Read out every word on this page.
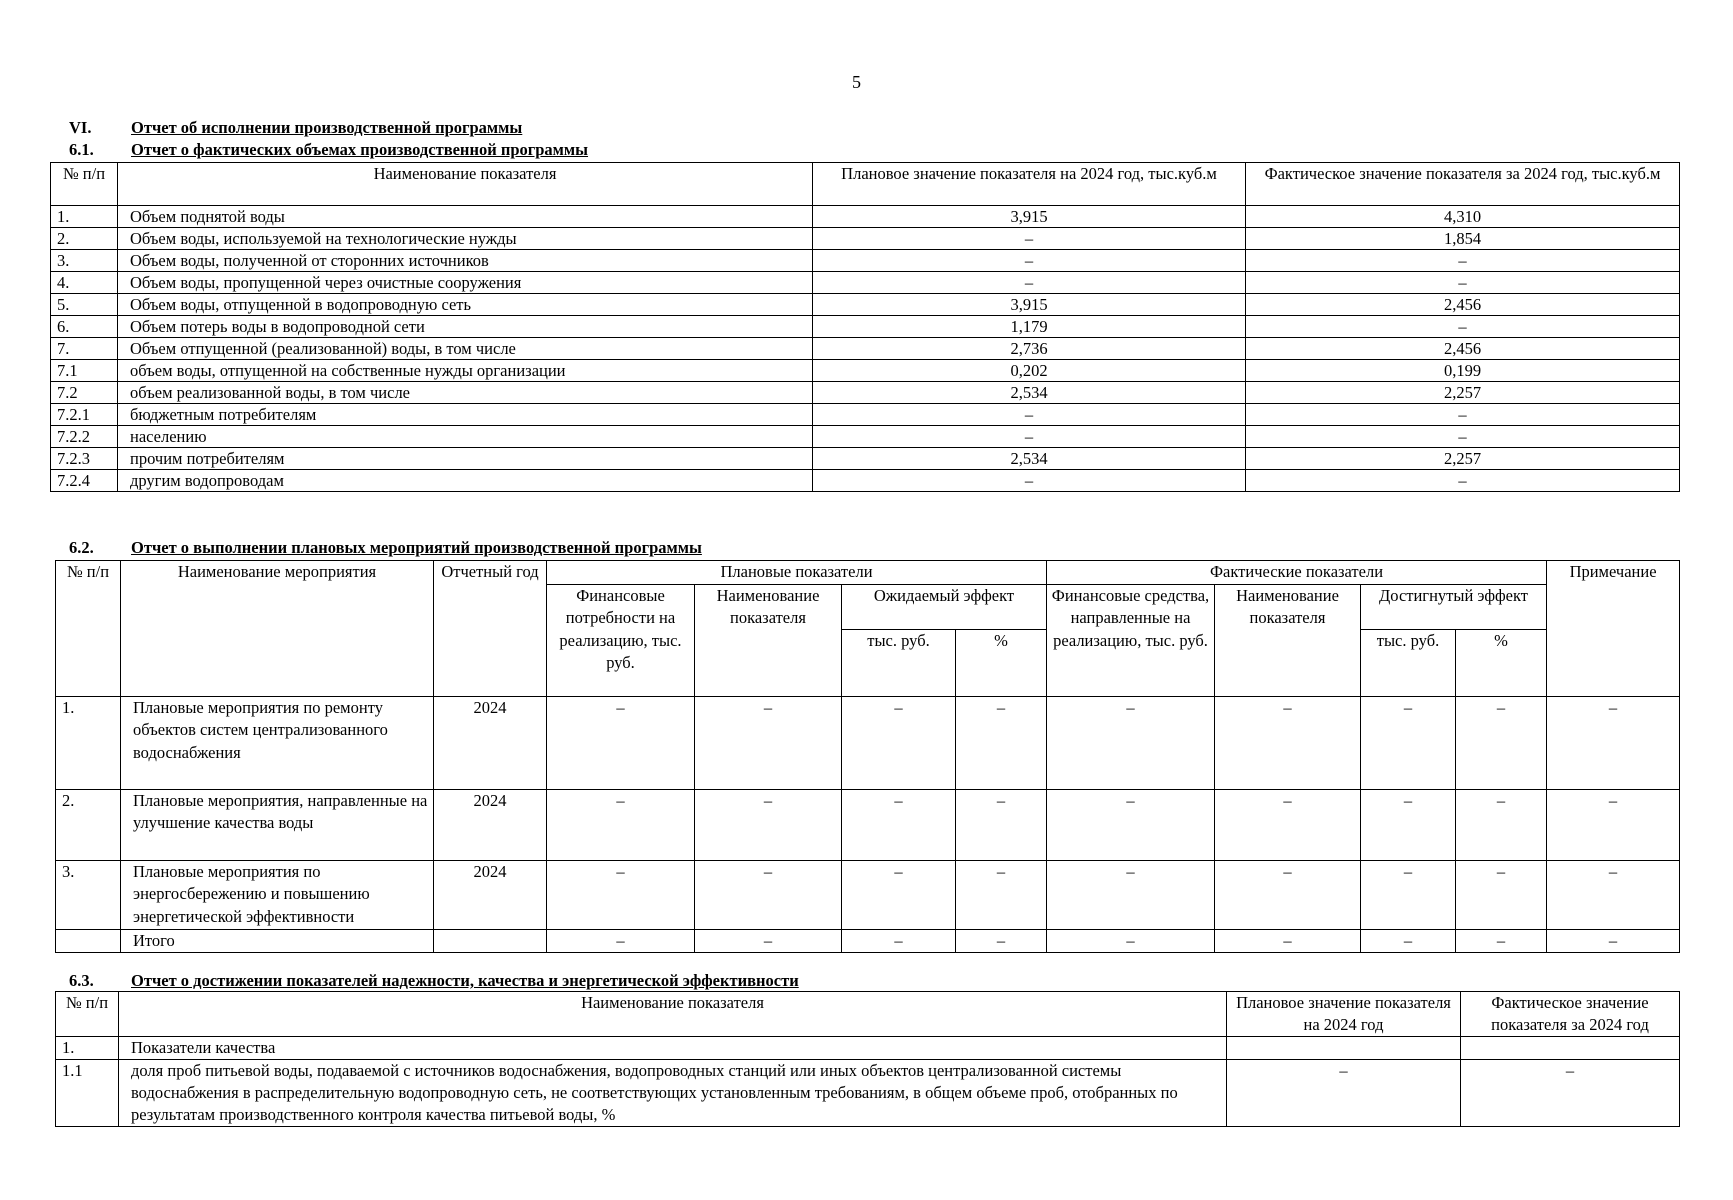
5
VI. Отчет об исполнении производственной программы
6.1. Отчет о фактических объемах производственной программы
№ п/п	Наименование показателя	Плановое значение показателя на 2024 год, тыс.куб.м	Фактическое значение показателя за 2024 год, тыс.куб.м
1.	Объем поднятой воды	3,915	4,310
2.	Объем воды, используемой на технологические нужды	–	1,854
3.	Объем воды, полученной от сторонних источников	–	–
4.	Объем воды, пропущенной через очистные сооружения	–	–
5.	Объем воды, отпущенной в водопроводную сеть	3,915	2,456
6.	Объем потерь воды в водопроводной сети	1,179	–
7.	Объем отпущенной (реализованной) воды, в том числе	2,736	2,456
7.1	объем воды, отпущенной на собственные нужды организации	0,202	0,199
7.2	объем реализованной воды, в том числе	2,534	2,257
7.2.1	бюджетным потребителям	–	–
7.2.2	населению	–	–
7.2.3	прочим потребителям	2,534	2,257
7.2.4	другим водопроводам	–	–
6.2. Отчет о выполнении плановых мероприятий производственной программы
№ п/п	Наименование мероприятия	Отчетный год	Плановые показатели				Фактические показатели				Примечание
			Финансовые потребности на реализацию, тыс. руб.	Наименование показателя	Ожидаемый эффект		Финансовые средства, направленные на реализацию, тыс. руб.	Наименование показателя	Достигнутый эффект		
					тыс. руб.	%			тыс. руб.	%	
1.	Плановые мероприятия по ремонту объектов систем централизованного водоснабжения	2024	–	–	–	–	–	–	–	–	–
2.	Плановые мероприятия, направленные на улучшение качества воды	2024	–	–	–	–	–	–	–	–	–
3.	Плановые мероприятия по энергосбережению и повышению энергетической эффективности	2024	–	–	–	–	–	–	–	–	–
	Итого		–	–	–	–	–	–	–	–	–
6.3. Отчет о достижении показателей надежности, качества и энергетической эффективности
№ п/п	Наименование показателя	Плановое значение показателя на 2024 год	Фактическое значение показателя за 2024 год
1.	Показатели качества		
1.1	доля проб питьевой воды, подаваемой с источников водоснабжения, водопроводных станций или иных объектов централизованной системы водоснабжения в распределительную водопроводную сеть, не соответствующих установленным требованиям, в общем объеме проб, отобранных по результатам производственного контроля качества питьевой воды, %	–	–
